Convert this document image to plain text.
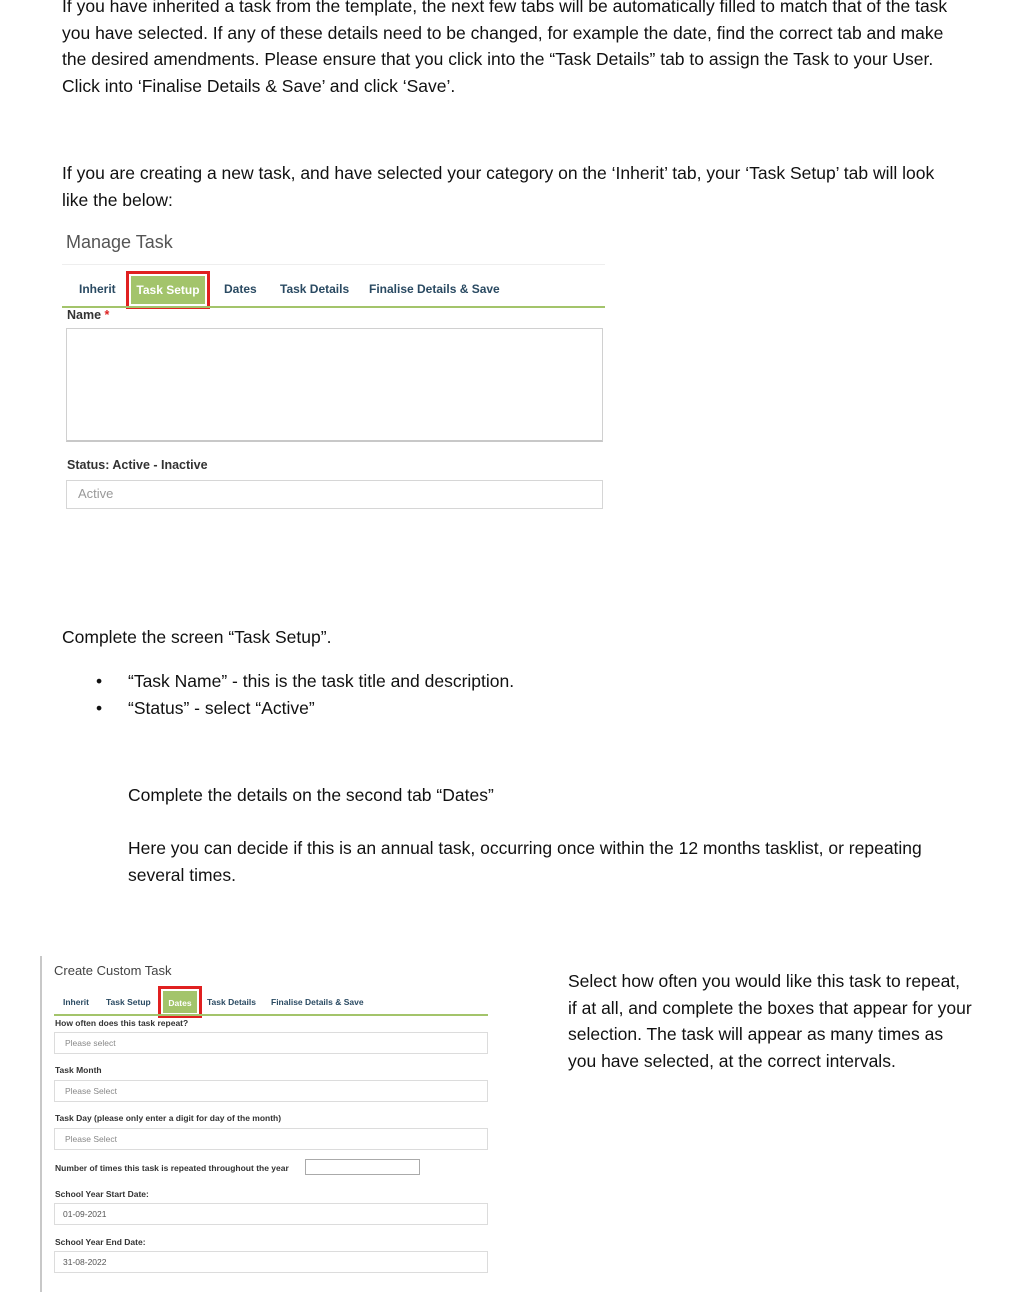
If you have inherited a task from the template, the next few tabs will be automatically filled to match that of the task you have selected. If any of these details need to be changed, for example the date, find the correct tab and make the desired amendments. Please ensure that you click into the “Task Details” tab to assign the Task to your User. Click into ‘Finalise Details & Save’ and click ‘Save’.

If you are creating a new task, and have selected your category on the ‘Inherit’ tab, your ‘Task Setup’ tab will look like the below:

Manage Task
Inherit	Task Setup	Dates Task Details Finalise Details & Save
Name *
Status: Active - Inactive
Active

Complete the screen “Task Setup”.

• “Task Name” - this is the task title and description.
• “Status” - select “Active”

Complete the details on the second tab “Dates”

Here you can decide if this is an annual task, occurring once within the 12 months tasklist, or repeating several times.

Create Custom Task
Inherit Task Setup	Dates	Task Details Finalise Details & Save
How often does this task repeat?
Please select
Task Month
Please Select
Task Day (please only enter a digit for day of the month)
Please Select
Number of times this task is repeated throughout the year
School Year Start Date:
01-09-2021
School Year End Date:
31-08-2022

Select how often you would like this task to repeat, if at all, and complete the boxes that appear for your selection. The task will appear as many times as you have selected, at the correct intervals.
